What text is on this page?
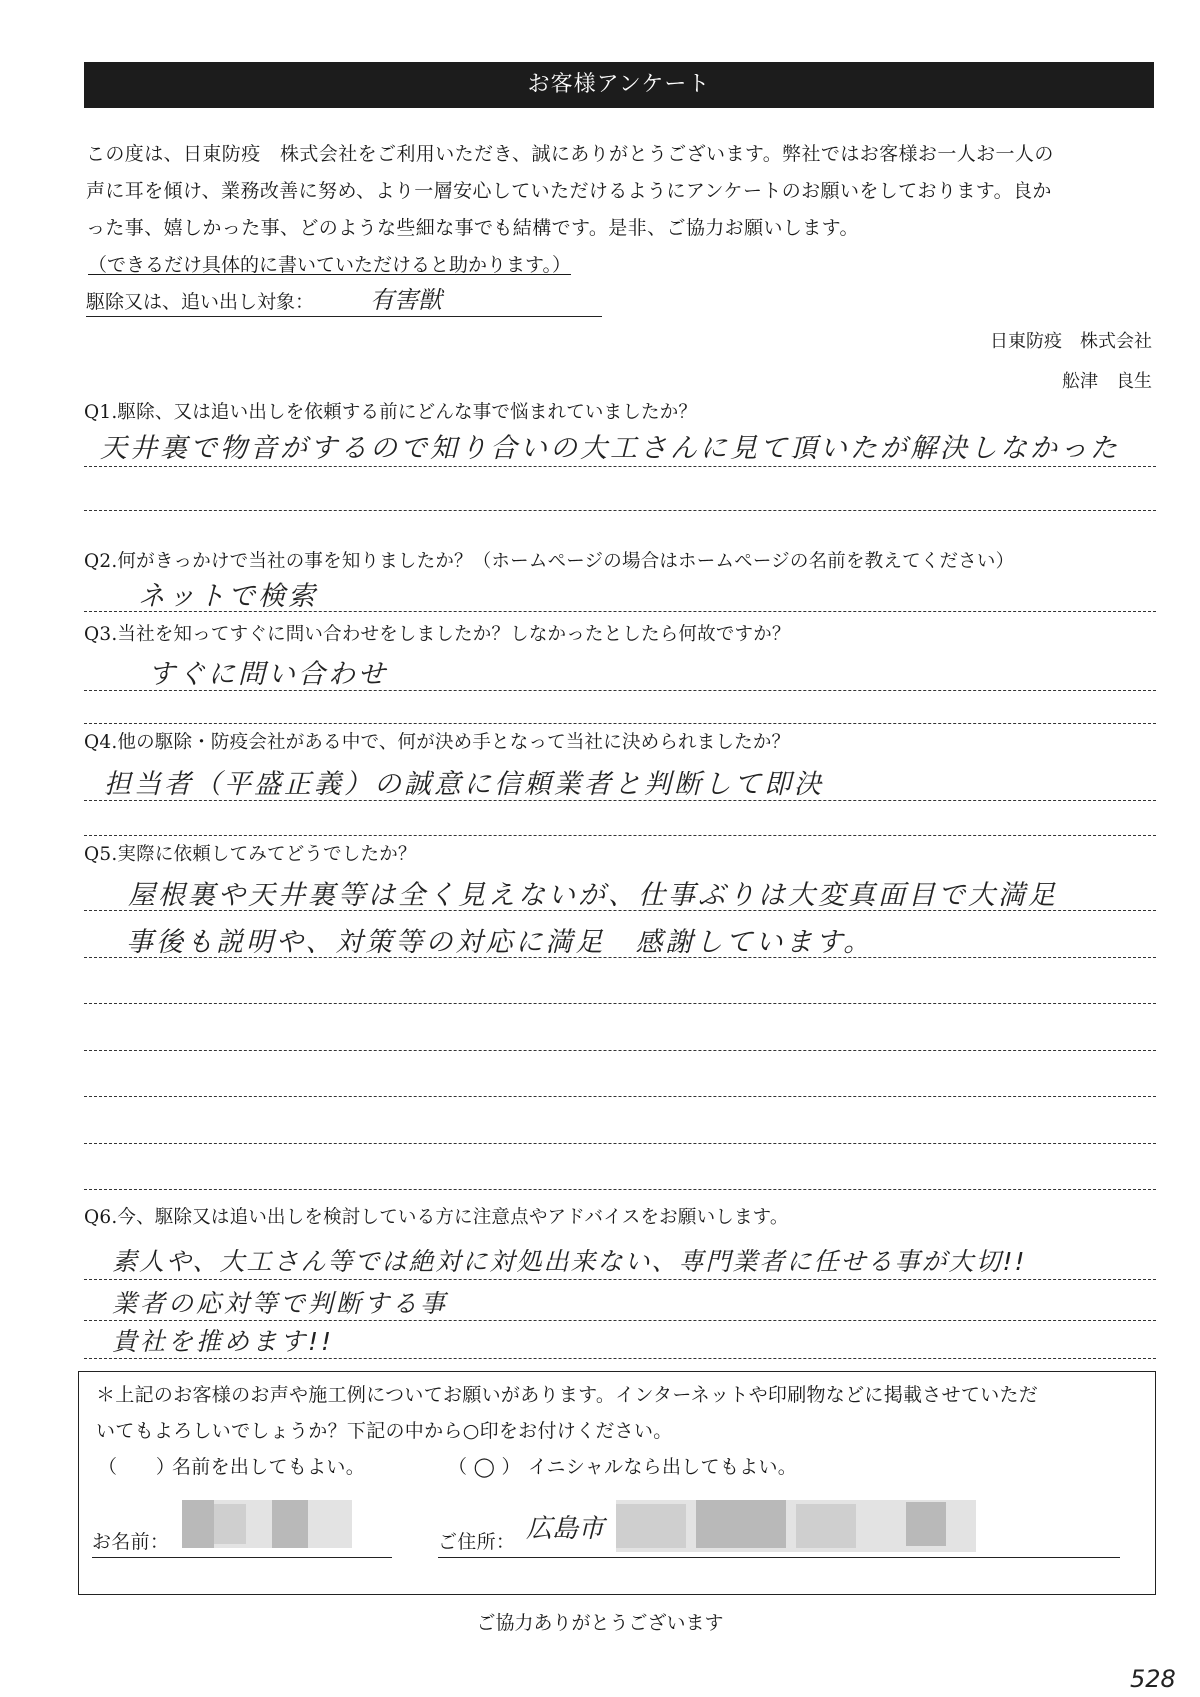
お客様アンケート
この度は、日東防疫　株式会社をご利用いただき、誠にありがとうございます。弊社ではお客様お一人お一人の
声に耳を傾け、業務改善に努め、より一層安心していただけるようにアンケートのお願いをしております。良か
った事、嬉しかった事、どのような些細な事でも結構です。是非、ご協力お願いします。
（できるだけ具体的に書いていただけると助かります。）
駆除又は、追い出し対象： 有害獣
日東防疫　株式会社
舩津　良生
Q1.駆除、又は追い出しを依頼する前にどんな事で悩まれていましたか？
天井裏で物音がするので知り合いの大工さんに見て頂いたが解決しなかった
Q2.何がきっかけで当社の事を知りましたか？（ホームページの場合はホームページの名前を教えてください）
ネットで検索
Q3.当社を知ってすぐに問い合わせをしましたか？しなかったとしたら何故ですか？
すぐに問い合わせ
Q4.他の駆除・防疫会社がある中で、何が決め手となって当社に決められましたか？
担当者（平盛正義）の誠意に信頼業者と判断して即決
Q5.実際に依頼してみてどうでしたか？
屋根裏や天井裏等は全く見えないが、仕事ぶりは大変真面目で大満足
事後も説明や、対策等の対応に満足　感謝しています。
Q6.今、駆除又は追い出しを検討している方に注意点やアドバイスをお願いします。
素人や、大工さん等では絶対に対処出来ない、専門業者に任せる事が大切!!
業者の応対等で判断する事
貴社を推めます!!
＊上記のお客様のお声や施工例についてお願いがあります。インターネットや印刷物などに掲載させていただ
いてもよろしいでしょうか？下記の中から○印をお付けください。
（　　）
名前を出してもよい。	（ ◯ ） イニシャルなら出してもよい。
お名前：	ご住所： 広島市
ご協力ありがとうございます
528
